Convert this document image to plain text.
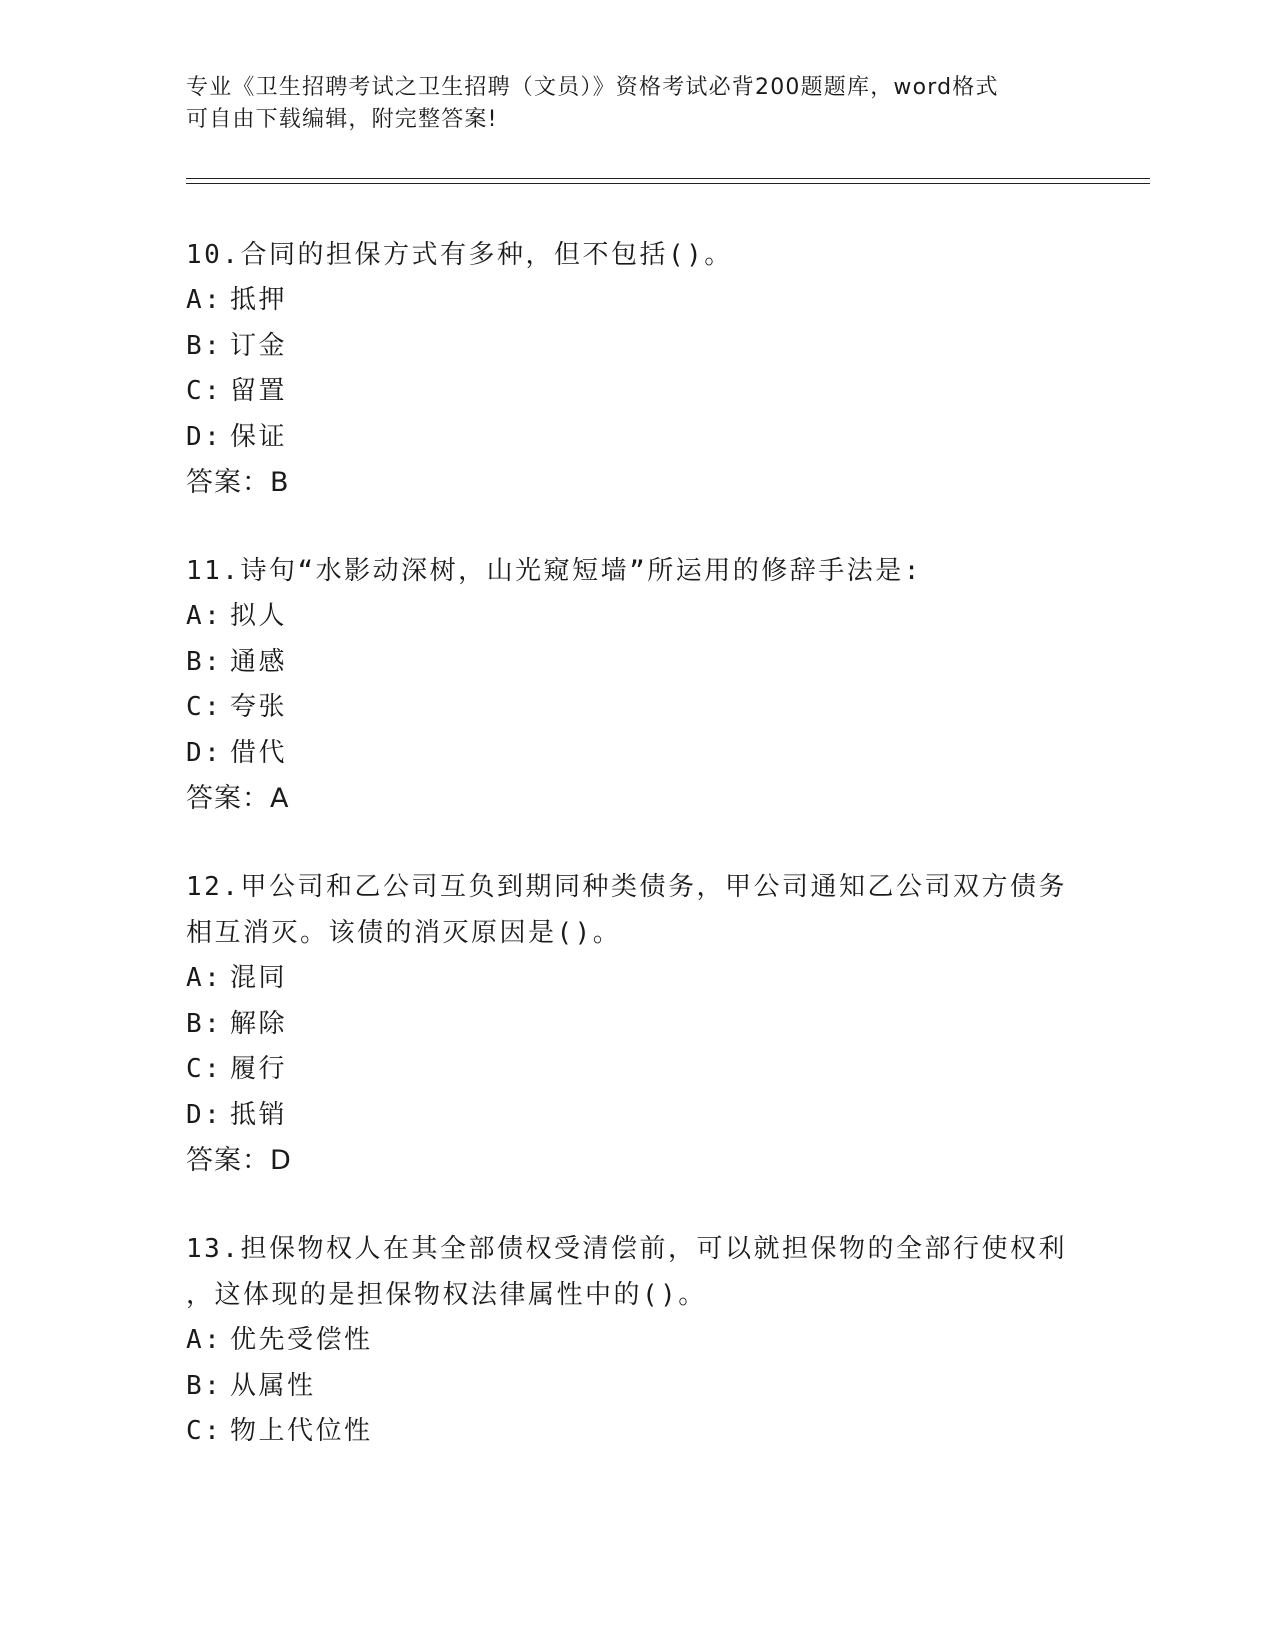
专业《卫生招聘考试之卫生招聘（文员）》资格考试必背200题题库，word格式
可自由下载编辑，附完整答案!
10.合同的担保方式有多种，但不包括()。
A: 抵押
B: 订金
C: 留置
D: 保证
答案：B
11.诗句“水影动深树，山光窥短墙”所运用的修辞手法是:
A: 拟人
B: 通感
C: 夸张
D: 借代
答案：A
12.甲公司和乙公司互负到期同种类债务，甲公司通知乙公司双方债务
相互消灭。该债的消灭原因是()。
A: 混同
B: 解除
C: 履行
D: 抵销
答案：D
13.担保物权人在其全部债权受清偿前，可以就担保物的全部行使权利
，这体现的是担保物权法律属性中的()。
A: 优先受偿性
B: 从属性
C: 物上代位性
